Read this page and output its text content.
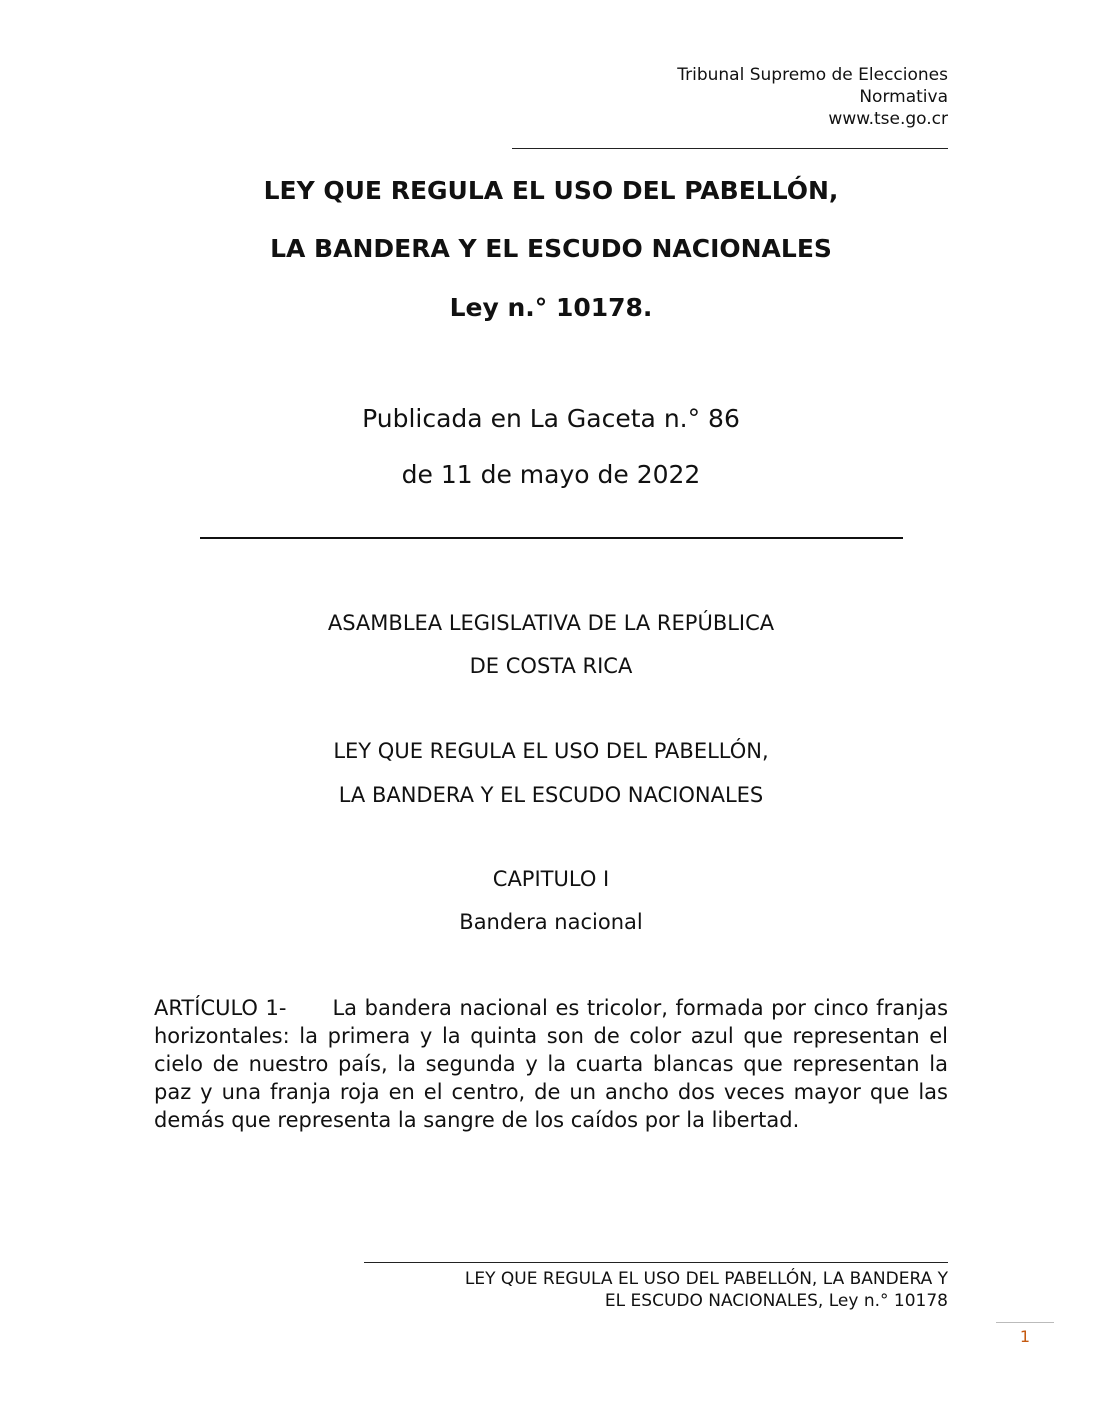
Tribunal Supremo de Elecciones
Normativa
www.tse.go.cr
LEY QUE REGULA EL USO DEL PABELLÓN,
LA BANDERA Y EL ESCUDO NACIONALES
Ley n.° 10178.
Publicada en La Gaceta n.° 86
de 11 de mayo de 2022
ASAMBLEA LEGISLATIVA DE LA REPÚBLICA
DE COSTA RICA
LEY QUE REGULA EL USO DEL PABELLÓN,
LA BANDERA Y EL ESCUDO NACIONALES
CAPITULO I
Bandera nacional
ARTÍCULO 1- La bandera nacional es tricolor, formada por cinco franjas horizontales: la primera y la quinta son de color azul que representan el cielo de nuestro país, la segunda y la cuarta blancas que representan la paz y una franja roja en el centro, de un ancho dos veces mayor que las demás que representa la sangre de los caídos por la libertad.
LEY QUE REGULA EL USO DEL PABELLÓN, LA BANDERA Y
EL ESCUDO NACIONALES, Ley n.° 10178
1
